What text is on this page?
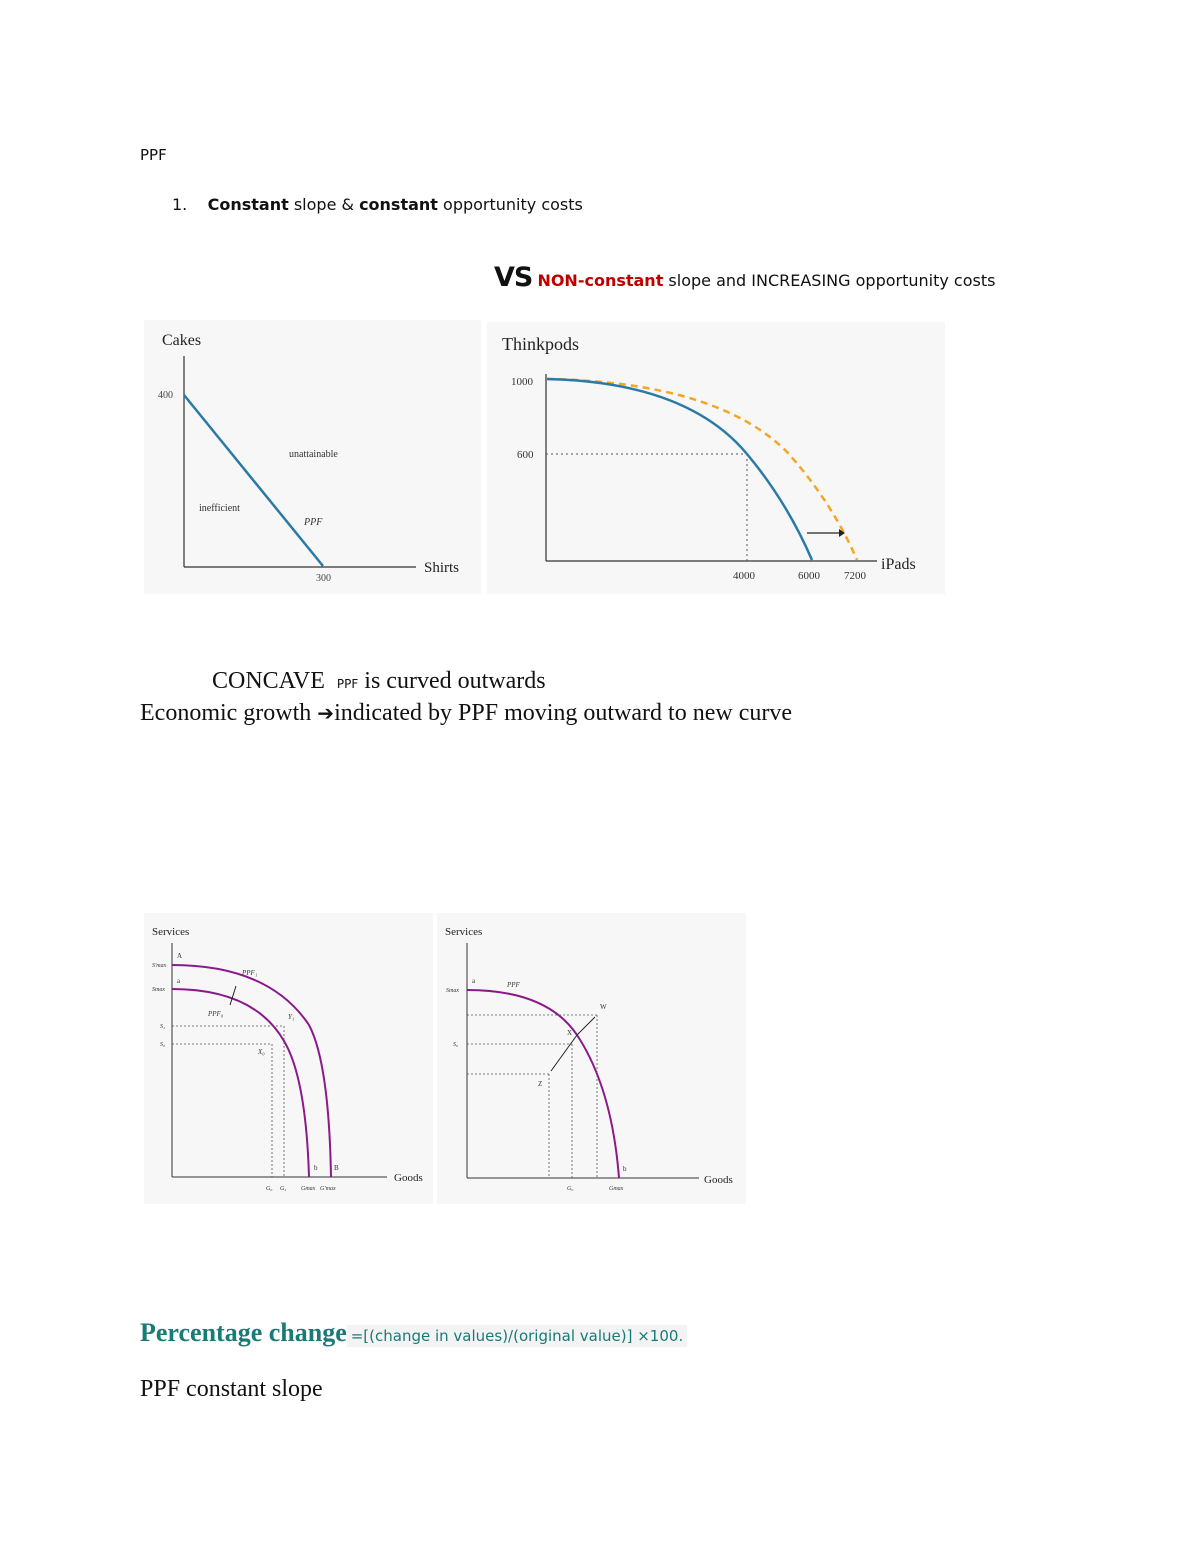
PPF
1. Constant slope & constant opportunity costs
VS NON-constant slope and INCREASING opportunity costs
Cakes
Shirts
400
300
unattainable
inefficient
PPF
Thinkpods
iPads
1000
600
4000	6000 7200
CONCAVE PPF is curved outwards
Economic growth ➔indicated by PPF moving outward to new curve
Services
Goods
A
a
PPF₁
PPF₀
S'max
Smax
S₁
S₀
X₀
Y₁
b B
G₀ G₁ Gmax G'max
Services
Goods
a	PPF
Smax
S₀
W
X
Z
b
G₀	Gmax
Percentage change =[(change in values)/(original value)] ×100.
PPF constant slope
